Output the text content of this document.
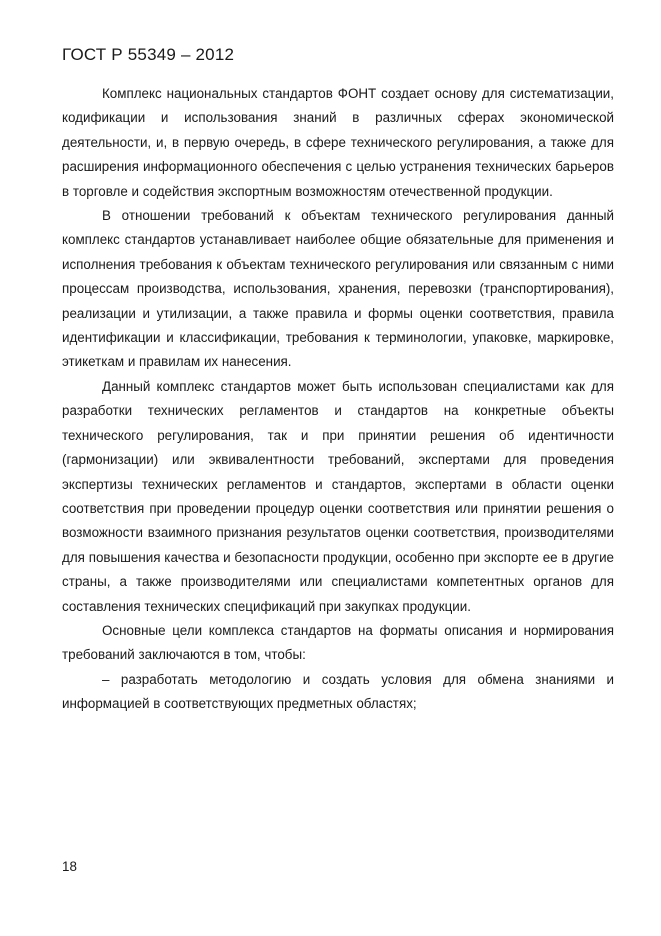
ГОСТ Р 55349 – 2012

Комплекс национальных стандартов ФОНТ создает основу для систематизации, кодификации и использования знаний в различных сферах экономической деятельности, и, в первую очередь, в сфере технического регулирования, а также для расширения информационного обеспечения с целью устранения технических барьеров в торговле и содействия экспортным возможностям отечественной продукции.

В отношении требований к объектам технического регулирования данный комплекс стандартов устанавливает наиболее общие обязательные для применения и исполнения требования к объектам технического регулирования или связанным с ними процессам производства, использования, хранения, перевозки (транспортирования), реализации и утилизации, а также правила и формы оценки соответствия, правила идентификации и классификации, требования к терминологии, упаковке, маркировке, этикеткам и правилам их нанесения.

Данный комплекс стандартов может быть использован специалистами как для разработки технических регламентов и стандартов на конкретные объекты технического регулирования, так и при принятии решения об идентичности (гармонизации) или эквивалентности требований, экспертами для проведения экспертизы технических регламентов и стандартов, экспертами в области оценки соответствия при проведении процедур оценки соответствия или принятии решения о возможности взаимного признания результатов оценки соответствия, производителями для повышения качества и безопасности продукции, особенно при экспорте ее в другие страны, а также производителями или специалистами компетентных органов для составления технических спецификаций при закупках продукции.

Основные цели комплекса стандартов на форматы описания и нормирования требований заключаются в том, чтобы:

– разработать методологию и создать условия для обмена знаниями и информацией в соответствующих предметных областях;

18
